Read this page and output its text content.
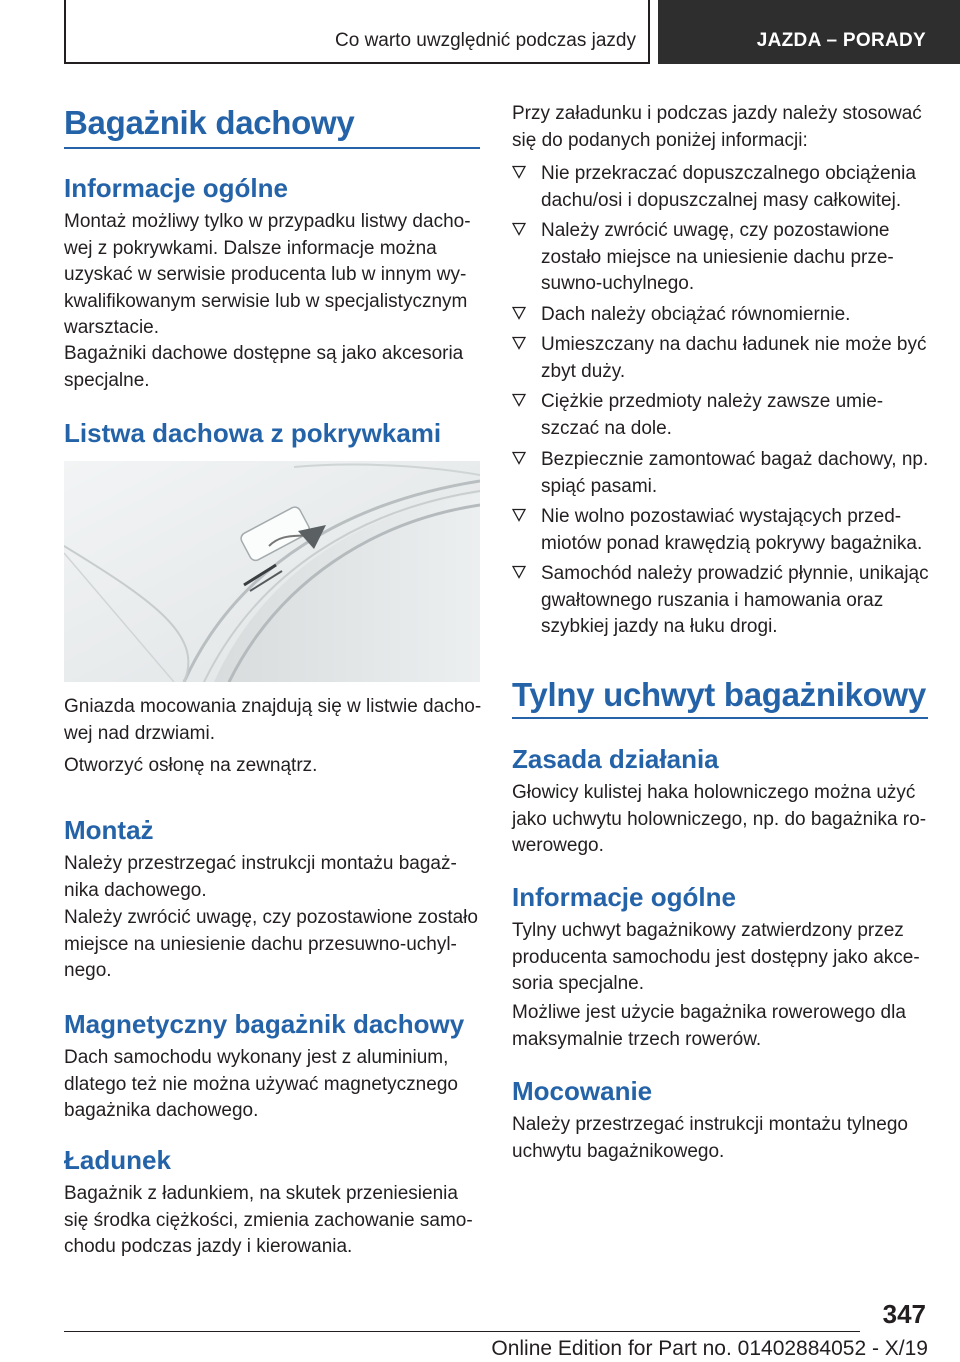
Co warto uwzględnić podczas jazdy	JAZDA – PORADY
Bagażnik dachowy
Informacje ogólne
Montaż możliwy tylko w przypadku listwy dacho-
wej z pokrywkami. Dalsze informacje można
uzyskać w serwisie producenta lub w innym wy-
kwalifikowanym serwisie lub w specjalistycznym
warsztacie.
Bagażniki dachowe dostępne są jako akcesoria
specjalne.
Listwa dachowa z pokrywkami
Gniazda mocowania znajdują się w listwie dacho-
wej nad drzwiami.
Otworzyć osłonę na zewnątrz.
Montaż
Należy przestrzegać instrukcji montażu bagaż-
nika dachowego.
Należy zwrócić uwagę, czy pozostawione zostało
miejsce na uniesienie dachu przesuwno-uchyl-
nego.
Magnetyczny bagażnik dachowy
Dach samochodu wykonany jest z aluminium,
dlatego też nie można używać magnetycznego
bagażnika dachowego.
Ładunek
Bagażnik z ładunkiem, na skutek przeniesienia
się środka ciężkości, zmienia zachowanie samo-
chodu podczas jazdy i kierowania.
Przy załadunku i podczas jazdy należy stosować
się do podanych poniżej informacji:
Nie przekraczać dopuszczalnego obciążenia
dachu/osi i dopuszczalnej masy całkowitej.
Należy zwrócić uwagę, czy pozostawione
zostało miejsce na uniesienie dachu prze-
suwno-uchylnego.
Dach należy obciążać równomiernie.
Umieszczany na dachu ładunek nie może być
zbyt duży.
Ciężkie przedmioty należy zawsze umie-
szczać na dole.
Bezpiecznie zamontować bagaż dachowy, np.
spiąć pasami.
Nie wolno pozostawiać wystających przed-
miotów ponad krawędzią pokrywy bagażnika.
Samochód należy prowadzić płynnie, unikając
gwałtownego ruszania i hamowania oraz
szybkiej jazdy na łuku drogi.
Tylny uchwyt bagażnikowy
Zasada działania
Głowicy kulistej haka holowniczego można użyć
jako uchwytu holowniczego, np. do bagażnika ro-
werowego.
Informacje ogólne
Tylny uchwyt bagażnikowy zatwierdzony przez
producenta samochodu jest dostępny jako akce-
soria specjalne.
Możliwe jest użycie bagażnika rowerowego dla
maksymalnie trzech rowerów.
Mocowanie
Należy przestrzegać instrukcji montażu tylnego
uchwytu bagażnikowego.
347
Online Edition for Part no. 01402884052 - X/19
